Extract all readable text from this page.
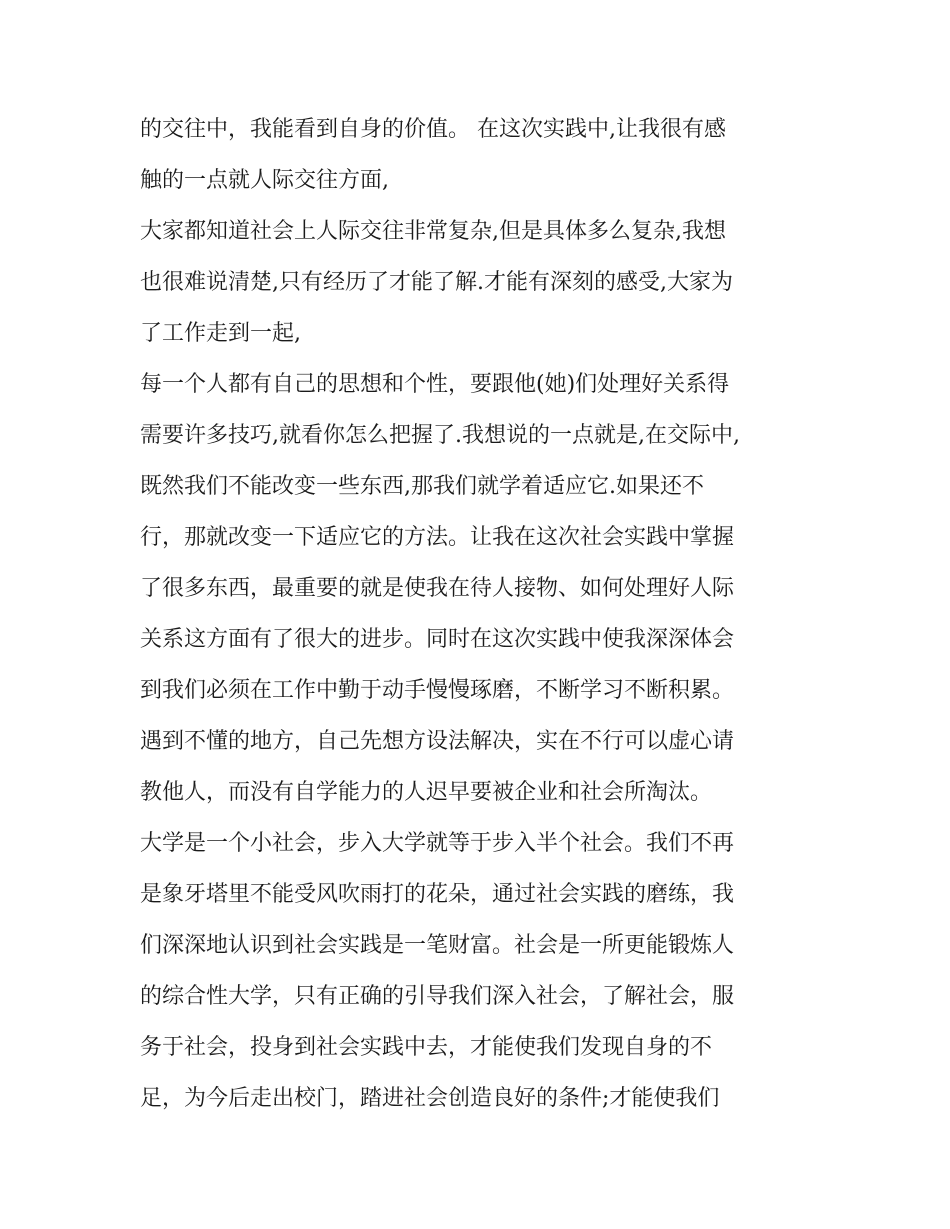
的交往中，我能看到自身的价值。 在这次实践中,让我很有感
触的一点就人际交往方面,
大家都知道社会上人际交往非常复杂,但是具体多么复杂,我想
也很难说清楚,只有经历了才能了解.才能有深刻的感受,大家为
了工作走到一起,
每一个人都有自己的思想和个性，要跟他(她)们处理好关系得
需要许多技巧,就看你怎么把握了.我想说的一点就是,在交际中,
既然我们不能改变一些东西,那我们就学着适应它.如果还不
行，那就改变一下适应它的方法。让我在这次社会实践中掌握
了很多东西，最重要的就是使我在待人接物、如何处理好人际
关系这方面有了很大的进步。同时在这次实践中使我深深体会
到我们必须在工作中勤于动手慢慢琢磨，不断学习不断积累。
遇到不懂的地方，自己先想方设法解决，实在不行可以虚心请
教他人，而没有自学能力的人迟早要被企业和社会所淘汰。
大学是一个小社会，步入大学就等于步入半个社会。我们不再
是象牙塔里不能受风吹雨打的花朵，通过社会实践的磨练，我
们深深地认识到社会实践是一笔财富。社会是一所更能锻炼人
的综合性大学，只有正确的引导我们深入社会，了解社会，服
务于社会，投身到社会实践中去，才能使我们发现自身的不
足，为今后走出校门，踏进社会创造良好的条件;才能使我们
